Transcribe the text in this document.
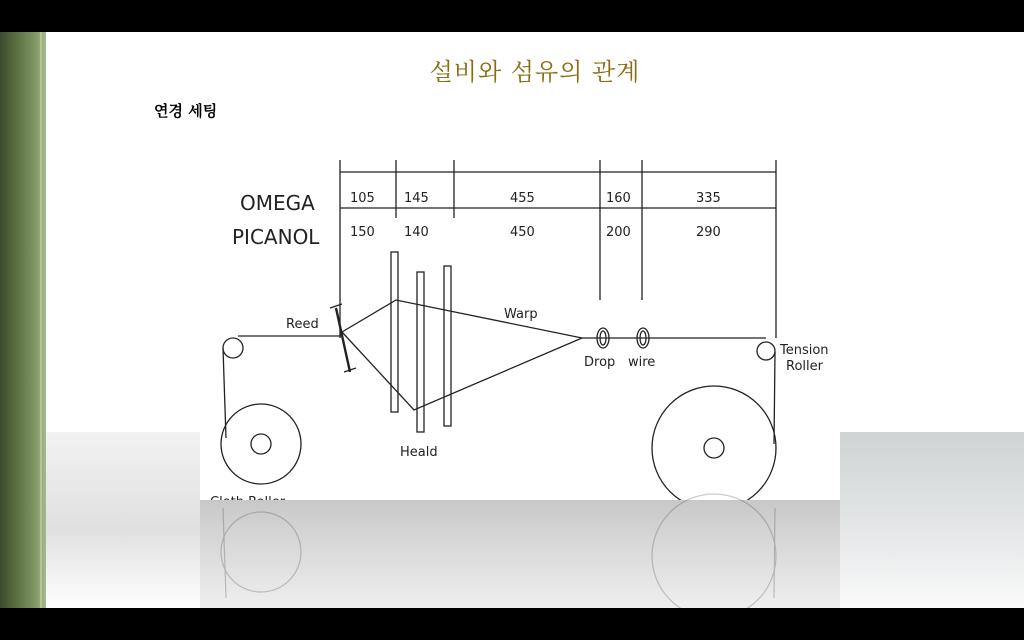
설비와 섬유의 관계
연경 세팅
OMEGA
PICANOL
105 145	455	160	335
150 140	450	200	290
Reed
Warp
Drop wire
Tension
Roller
Heald
